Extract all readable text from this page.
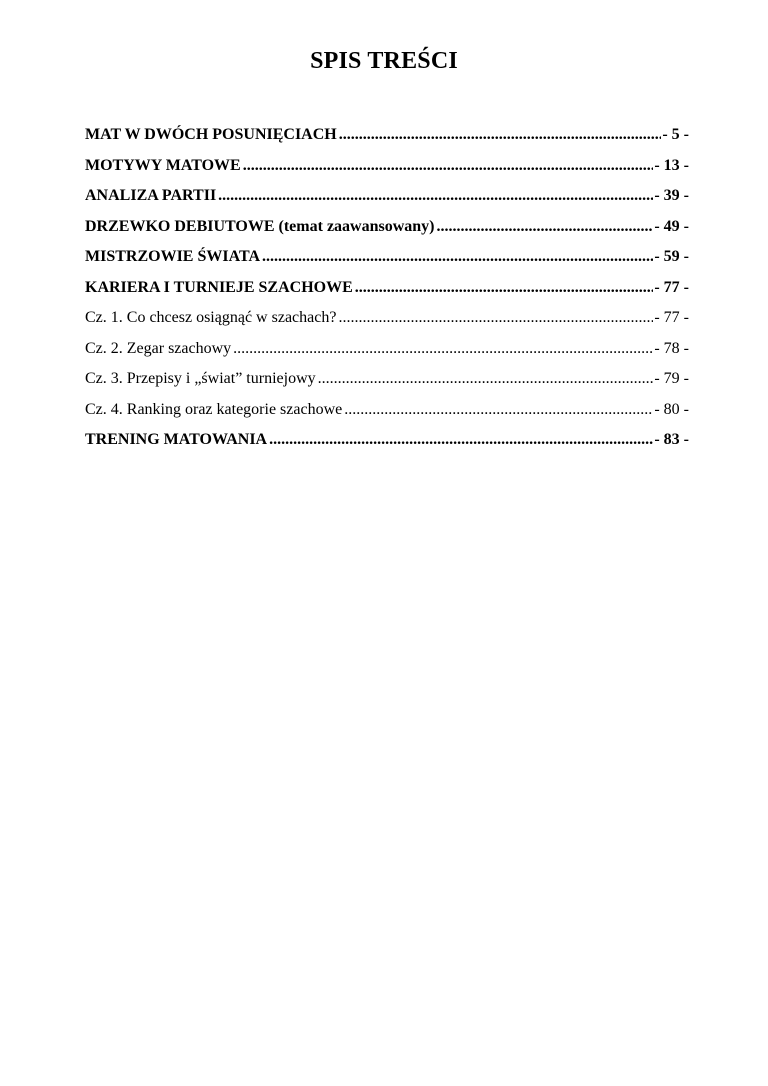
SPIS TREŚCI
MAT W DWÓCH POSUNIĘCIACH .....	- 5 -
MOTYWY MATOWE .....	- 13 -
ANALIZA PARTII .....	- 39 -
DRZEWKO DEBIUTOWE (temat zaawansowany) .....	- 49 -
MISTRZOWIE ŚWIATA .....	- 59 -
KARIERA I TURNIEJE SZACHOWE .....	- 77 -
Cz. 1. Co chcesz osiągnąć w szachach? .....	- 77 -
Cz. 2. Zegar szachowy .....	- 78 -
Cz. 3. Przepisy i „świat” turniejowy .....	- 79 -
Cz. 4. Ranking oraz kategorie szachowe .....	- 80 -
TRENING MATOWANIA .....	- 83 -
